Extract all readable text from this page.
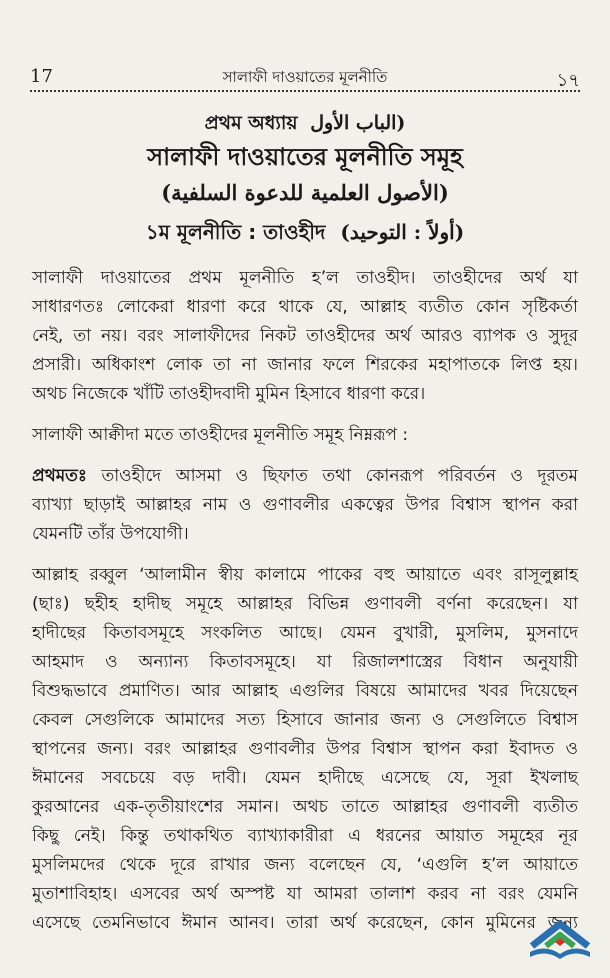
17	সালাফী দাওয়াতের মূলনীতি	১৭
প্রথম অধ্যায় (الباب الأول
সালাফী দাওয়াতের মূলনীতি সমূহ
(الأصول العلمية للدعوة السلفية)
১ম মূলনীতি : তাওহীদ (أولاً : التوحيد)
সালাফী দাওয়াতের প্রথম মূলনীতি হ’ল তাওহীদ। তাওহীদের অর্থ যা
সাধারণতঃ লোকেরা ধারণা করে থাকে যে, আল্লাহ ব্যতীত কোন সৃষ্টিকর্তা
নেই, তা নয়। বরং সালাফীদের নিকট তাওহীদের অর্থ আরও ব্যাপক ও সুদূর
প্রসারী। অধিকাংশ লোক তা না জানার ফলে শিরকের মহাপাতকে লিপ্ত হয়।
অথচ নিজেকে খাঁটি তাওহীদবাদী মুমিন হিসাবে ধারণা করে।
সালাফী আক্বীদা মতে তাওহীদের মূলনীতি সমূহ নিম্নরূপ :
প্রথমতঃ তাওহীদে আসমা ও ছিফাত তথা কোনরূপ পরিবর্তন ও দূরতম
ব্যাখ্যা ছাড়াই আল্লাহর নাম ও গুণাবলীর একত্বের উপর বিশ্বাস স্থাপন করা
যেমনটি তাঁর উপযোগী।
আল্লাহ রব্বুল ‘আলামীন স্বীয় কালামে পাকের বহু আয়াতে এবং রাসূলুল্লাহ
(ছাঃ) ছহীহ হাদীছ সমূহে আল্লাহর বিভিন্ন গুণাবলী বর্ণনা করেছেন। যা
হাদীছের কিতাবসমূহে সংকলিত আছে। যেমন বুখারী, মুসলিম, মুসনাদে
আহমাদ ও অন্যান্য কিতাবসমূহে। যা রিজালশাস্ত্রের বিধান অনুযায়ী
বিশুদ্ধভাবে প্রমাণিত। আর আল্লাহ এগুলির বিষয়ে আমাদের খবর দিয়েছেন
কেবল সেগুলিকে আমাদের সত্য হিসাবে জানার জন্য ও সেগুলিতে বিশ্বাস
স্থাপনের জন্য। বরং আল্লাহর গুণাবলীর উপর বিশ্বাস স্থাপন করা ইবাদত ও
ঈমানের সবচেয়ে বড় দাবী। যেমন হাদীছে এসেছে যে, সূরা ইখলাছ
কুরআনের এক-তৃতীয়াংশের সমান। অথচ তাতে আল্লাহর গুণাবলী ব্যতীত
কিছু নেই। কিন্তু তথাকথিত ব্যাখ্যাকারীরা এ ধরনের আয়াত সমূহের নূর
মুসলিমদের থেকে দূরে রাখার জন্য বলেছেন যে, ‘এগুলি হ’ল আয়াতে
মুতাশাবিহাহ। এসবের অর্থ অস্পষ্ট যা আমরা তালাশ করব না বরং যেমনি
এসেছে তেমনিভাবে ঈমান আনব। তারা অর্থ করেছেন, কোন মুমিনের জন্য
